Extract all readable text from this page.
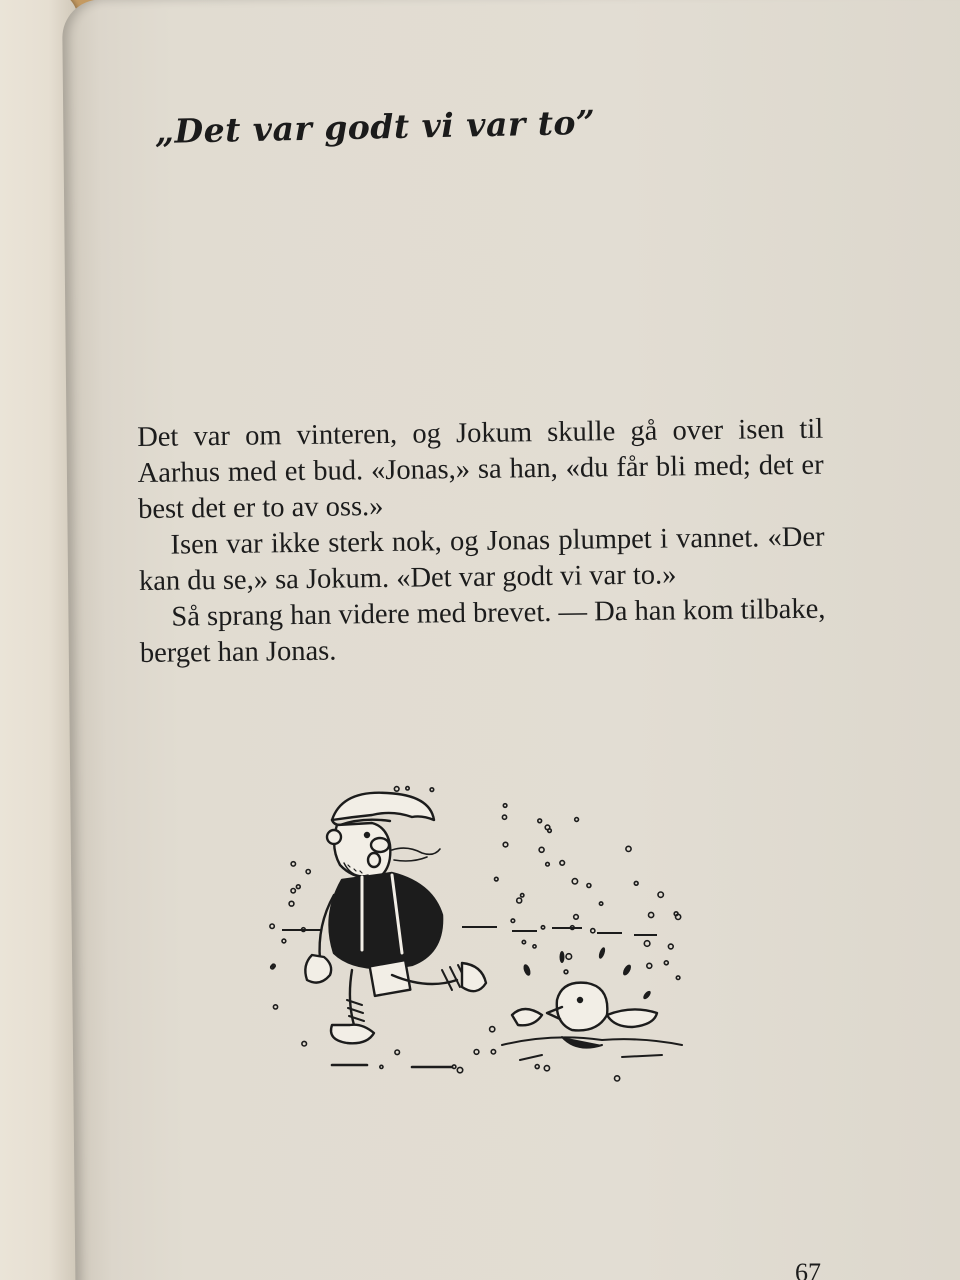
„Det var godt vi var to”

Det var om vinteren, og Jokum skulle gå over isen til Aarhus med et bud. «Jonas,» sa han, «du får bli med; det er best det er to av oss.»

Isen var ikke sterk nok, og Jonas plumpet i vannet. «Der kan du se,» sa Jokum. «Det var godt vi var to.»

Så sprang han videre med brevet. — Da han kom tilbake, berget han Jonas.

67
